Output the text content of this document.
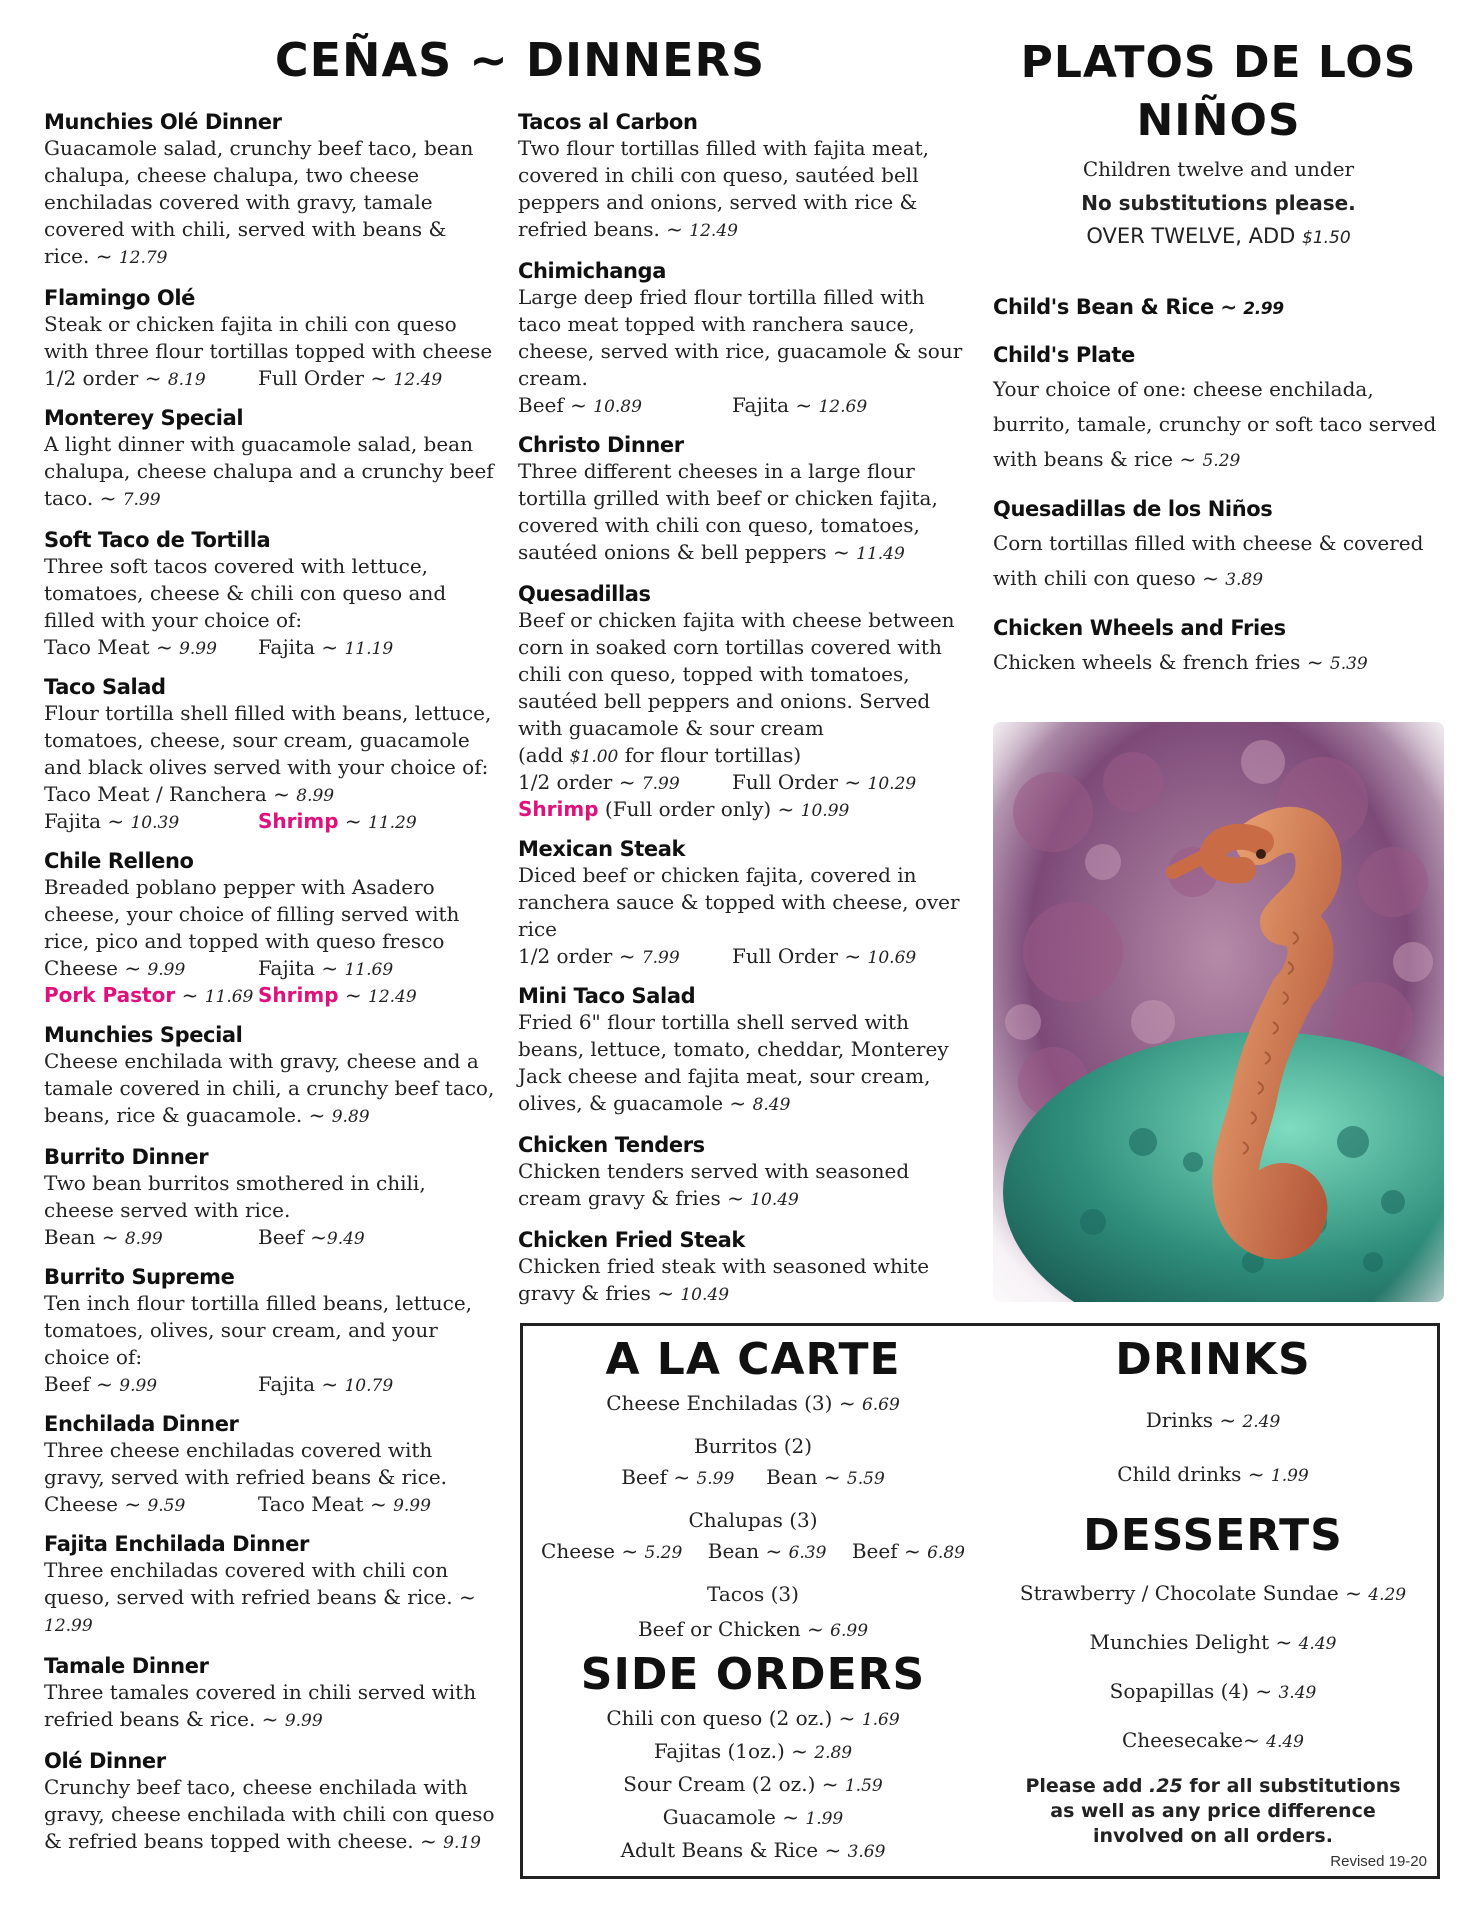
CEÑAS ~ DINNERS
Munchies Olé Dinner
Guacamole salad, crunchy beef taco, bean chalupa, cheese chalupa, two cheese enchiladas covered with gravy, tamale covered with chili, served with beans & rice. ~ 12.79
Flamingo Olé
Steak or chicken fajita in chili con queso with three flour tortillas topped with cheese
1/2 order ~ 8.19	Full Order ~ 12.49
Monterey Special
A light dinner with guacamole salad, bean chalupa, cheese chalupa and a crunchy beef taco. ~ 7.99
Soft Taco de Tortilla
Three soft tacos covered with lettuce, tomatoes, cheese & chili con queso and filled with your choice of:
Taco Meat ~ 9.99 Fajita ~ 11.19
Taco Salad
Flour tortilla shell filled with beans, lettuce, tomatoes, cheese, sour cream, guacamole and black olives served with your choice of:
Taco Meat / Ranchera ~ 8.99
Fajita ~ 10.39	Shrimp ~ 11.29
Chile Relleno
Breaded poblano pepper with Asadero cheese, your choice of filling served with rice, pico and topped with queso fresco
Cheese ~ 9.99	Fajita ~ 11.69
Pork Pastor ~ 11.69 Shrimp ~ 12.49
Munchies Special
Cheese enchilada with gravy, cheese and a tamale covered in chili, a crunchy beef taco, beans, rice & guacamole. ~ 9.89
Burrito Dinner
Two bean burritos smothered in chili, cheese served with rice.
Bean ~ 8.99	Beef ~9.49
Burrito Supreme
Ten inch flour tortilla filled beans, lettuce, tomatoes, olives, sour cream, and your choice of:
Beef ~ 9.99	Fajita ~ 10.79
Enchilada Dinner
Three cheese enchiladas covered with gravy, served with refried beans & rice.
Cheese ~ 9.59	Taco Meat ~ 9.99
Fajita Enchilada Dinner
Three enchiladas covered with chili con queso, served with refried beans & rice. ~ 12.99
Tamale Dinner
Three tamales covered in chili served with refried beans & rice. ~ 9.99
Olé Dinner
Crunchy beef taco, cheese enchilada with gravy, cheese enchilada with chili con queso & refried beans topped with cheese. ~ 9.19
Tacos al Carbon
Two flour tortillas filled with fajita meat, covered in chili con queso, sautéed bell peppers and onions, served with rice & refried beans. ~ 12.49
Chimichanga
Large deep fried flour tortilla filled with taco meat topped with ranchera sauce, cheese, served with rice, guacamole & sour cream.
Beef ~ 10.89	Fajita ~ 12.69
Christo Dinner
Three different cheeses in a large flour tortilla grilled with beef or chicken fajita, covered with chili con queso, tomatoes, sautéed onions & bell peppers ~ 11.49
Quesadillas
Beef or chicken fajita with cheese between corn in soaked corn tortillas covered with chili con queso, topped with tomatoes, sautéed bell peppers and onions. Served with guacamole & sour cream
(add $1.00 for flour tortillas)
1/2 order ~ 7.99	Full Order ~ 10.29
Shrimp (Full order only) ~ 10.99
Mexican Steak
Diced beef or chicken fajita, covered in ranchera sauce & topped with cheese, over rice
1/2 order ~ 7.99	Full Order ~ 10.69
Mini Taco Salad
Fried 6" flour tortilla shell served with beans, lettuce, tomato, cheddar, Monterey Jack cheese and fajita meat, sour cream, olives, & guacamole ~ 8.49
Chicken Tenders
Chicken tenders served with seasoned cream gravy & fries ~ 10.49
Chicken Fried Steak
Chicken fried steak with seasoned white gravy & fries ~ 10.49
PLATOS DE LOS
NIÑOS
Children twelve and under
No substitutions please.
OVER TWELVE, ADD $1.50
Child's Bean & Rice ~ 2.99
Child's Plate
Your choice of one: cheese enchilada, burrito, tamale, crunchy or soft taco served with beans & rice ~ 5.29
Quesadillas de los Niños
Corn tortillas filled with cheese & covered with chili con queso ~ 3.89
Chicken Wheels and Fries
Chicken wheels & french fries ~ 5.39
A LA CARTE
Cheese Enchiladas (3) ~ 6.69
Burritos (2)
Beef ~ 5.99 Bean ~ 5.59
Chalupas (3)
Cheese ~ 5.29 Bean ~ 6.39 Beef ~ 6.89
Tacos (3)
Beef or Chicken ~ 6.99
SIDE ORDERS
Chili con queso (2 oz.) ~ 1.69
Fajitas (1oz.) ~ 2.89
Sour Cream (2 oz.) ~ 1.59
Guacamole ~ 1.99
Adult Beans & Rice ~ 3.69
DRINKS
Drinks ~ 2.49
Child drinks ~ 1.99
DESSERTS
Strawberry / Chocolate Sundae ~ 4.29
Munchies Delight ~ 4.49
Sopapillas (4) ~ 3.49
Cheesecake~ 4.49
Please add .25 for all substitutions
as well as any price difference
involved on all orders.
Revised 19-20
